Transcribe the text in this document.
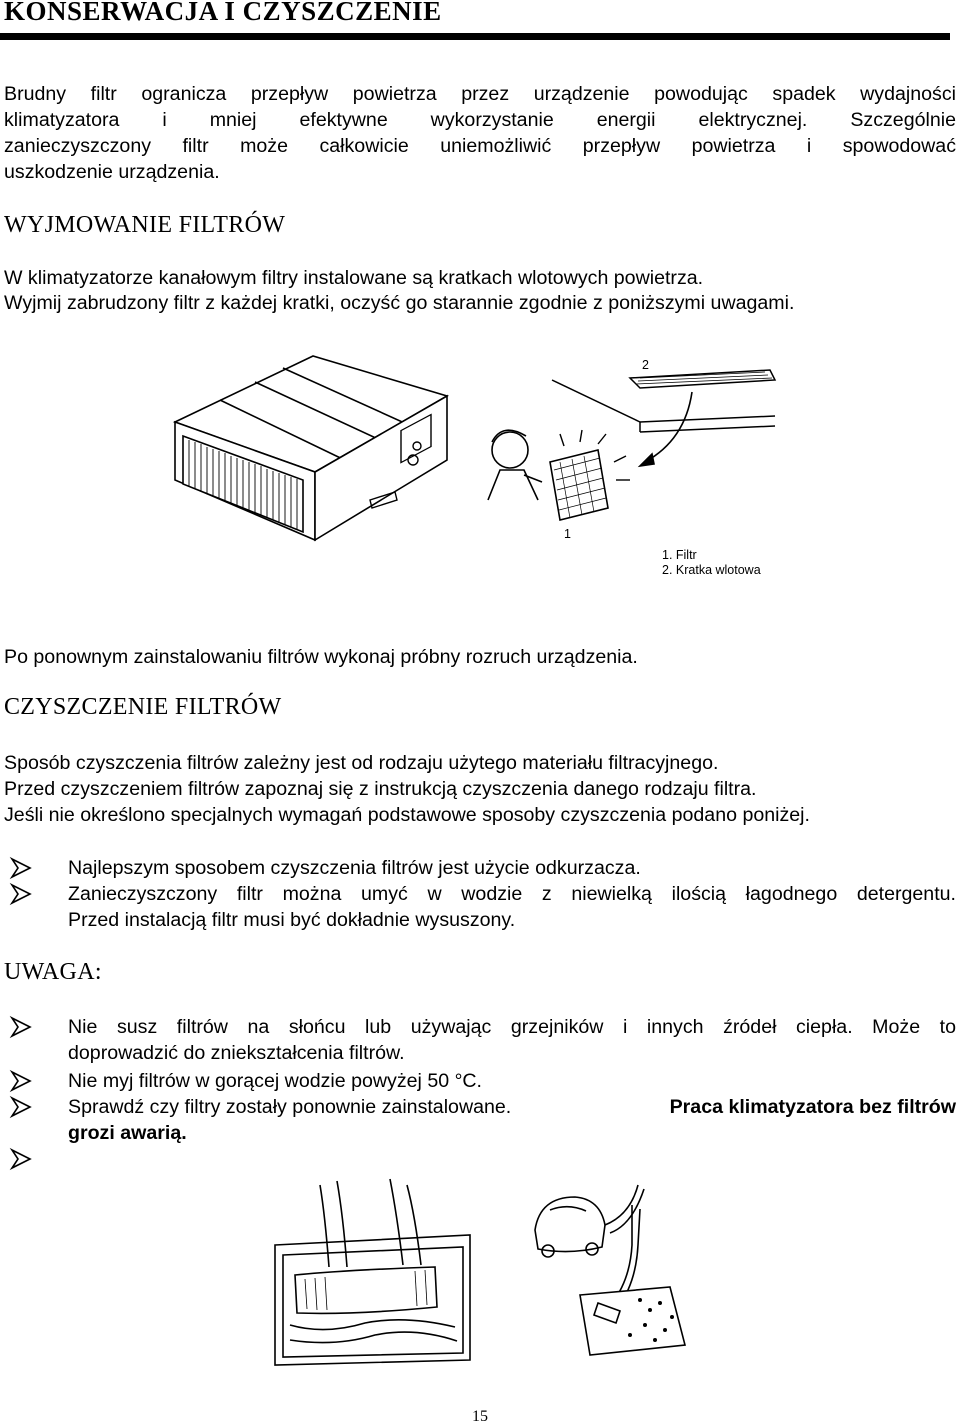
KONSERWACJA I CZYSZCZENIE
Brudny filtr ogranicza przepływ powietrza przez urządzenie powodując spadek wydajności
klimatyzatora i mniej efektywne wykorzystanie energii elektrycznej. Szczególnie
zanieczyszczony filtr może całkowicie uniemożliwić przepływ powietrza i spowodować
uszkodzenie urządzenia.
WYJMOWANIE FILTRÓW
W klimatyzatorze kanałowym filtry instalowane są kratkach wlotowych powietrza.
Wyjmij zabrudzony filtr z każdej kratki, oczyść go starannie zgodnie z poniższymi uwagami.
2
1
1. Filtr
2. Kratka wlotowa
Po ponownym zainstalowaniu filtrów wykonaj próbny rozruch urządzenia.
CZYSZCZENIE FILTRÓW
Sposób czyszczenia filtrów zależny jest od rodzaju użytego materiału filtracyjnego.
Przed czyszczeniem filtrów zapoznaj się z instrukcją czyszczenia danego rodzaju filtra.
Jeśli nie określono specjalnych wymagań podstawowe sposoby czyszczenia podano poniżej.
Najlepszym sposobem czyszczenia filtrów jest użycie odkurzacza.
Zanieczyszczony filtr można umyć w wodzie z niewielką ilością łagodnego detergentu.
Przed instalacją filtr musi być dokładnie wysuszony.
UWAGA:
Nie susz filtrów na słońcu lub używając grzejników i innych źródeł ciepła. Może to
doprowadzić do zniekształcenia filtrów.
Nie myj filtrów w gorącej wodzie powyżej 50 °C.
Sprawdź czy filtry zostały ponownie zainstalowane.	Praca klimatyzatora bez filtrów
grozi awarią.
15
